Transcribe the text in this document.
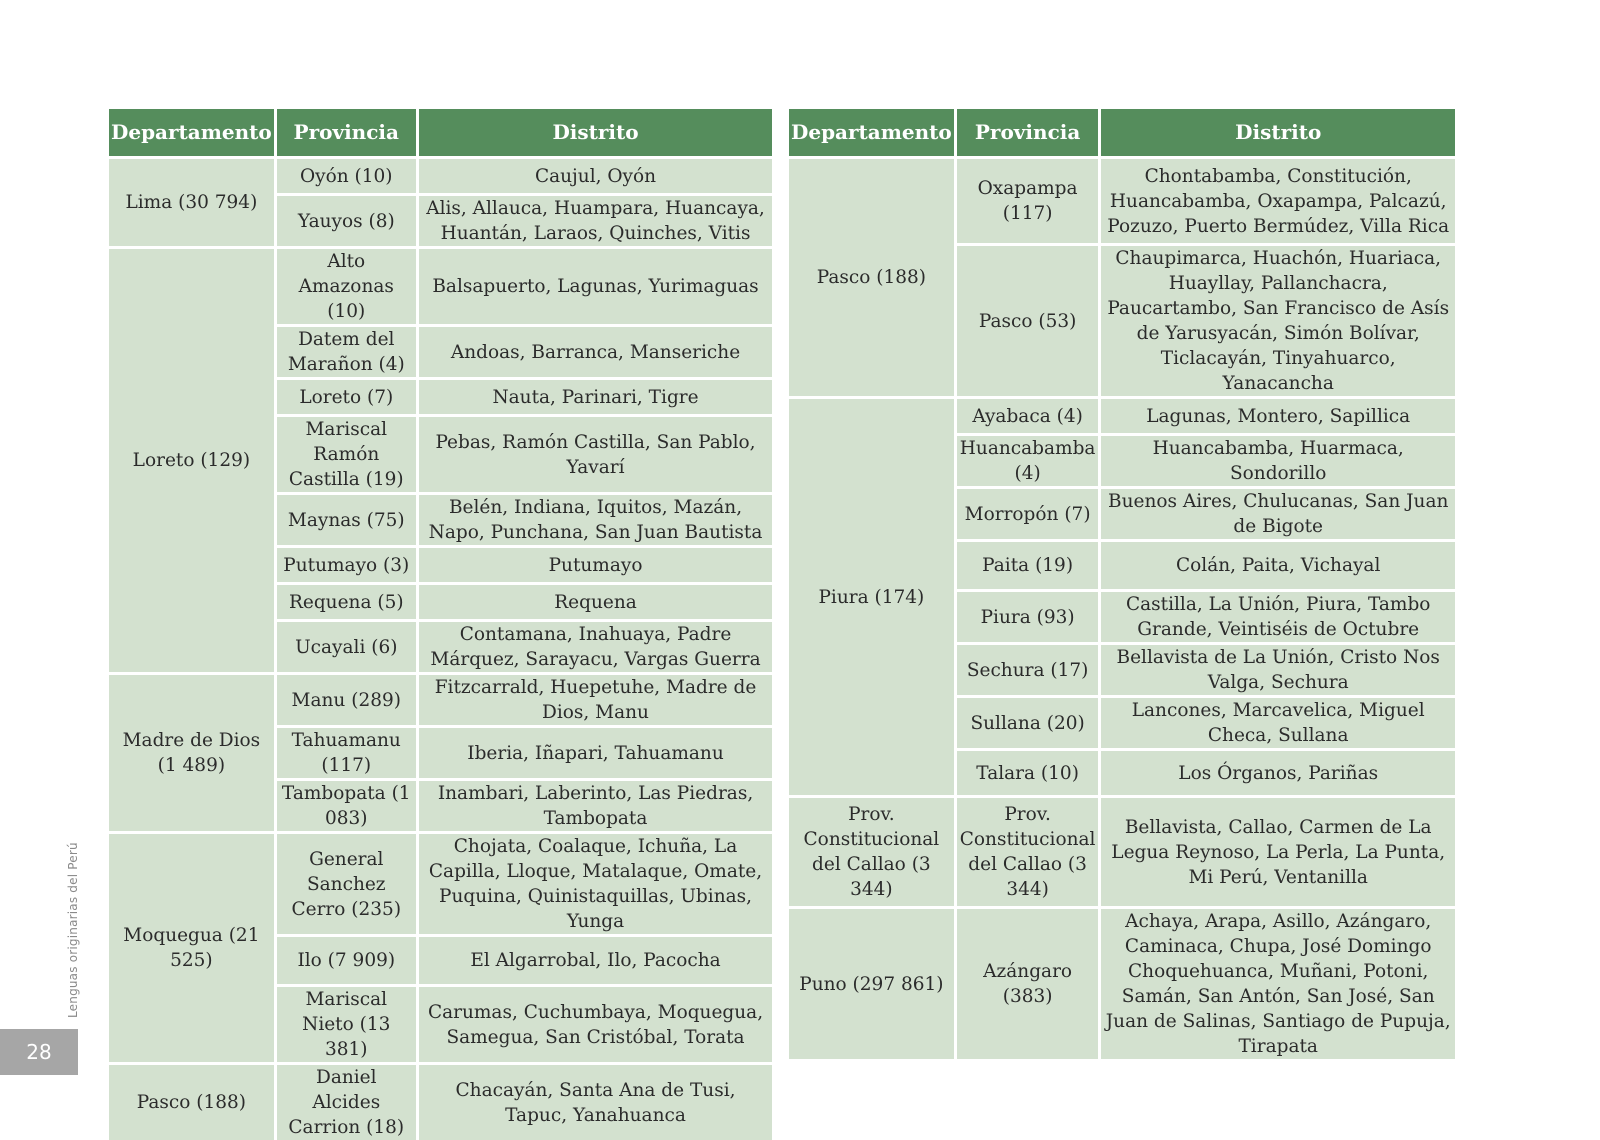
Departamento	Provincia	Distrito
Lima (30 794)	Oyón (10)	Caujul, Oyón
	Yauyos (8)	Alis, Allauca, Huampara, Huancaya, Huantán, Laraos, Quinches, Vitis
Loreto (129)	Alto Amazonas (10)	Balsapuerto, Lagunas, Yurimaguas
	Datem del Marañon (4)	Andoas, Barranca, Manseriche
	Loreto (7)	Nauta, Parinari, Tigre
	Mariscal Ramón Castilla (19)	Pebas, Ramón Castilla, San Pablo, Yavarí
	Maynas (75)	Belén, Indiana, Iquitos, Mazán, Napo, Punchana, San Juan Bautista
	Putumayo (3)	Putumayo
	Requena (5)	Requena
	Ucayali (6)	Contamana, Inahuaya, Padre Márquez, Sarayacu, Vargas Guerra
Madre de Dios (1 489)	Manu (289)	Fitzcarrald, Huepetuhe, Madre de Dios, Manu
	Tahuamanu (117)	Iberia, Iñapari, Tahuamanu
	Tambopata (1 083)	Inambari, Laberinto, Las Piedras, Tambopata
Moquegua (21 525)	General Sanchez Cerro (235)	Chojata, Coalaque, Ichuña, La Capilla, Lloque, Matalaque, Omate, Puquina, Quinistaquillas, Ubinas, Yunga
	Ilo (7 909)	El Algarrobal, Ilo, Pacocha
	Mariscal Nieto (13 381)	Carumas, Cuchumbaya, Moquegua, Samegua, San Cristóbal, Torata
Pasco (188)	Daniel Alcides Carrion (18)	Chacayán, Santa Ana de Tusi, Tapuc, Yanahuanca
Departamento	Provincia	Distrito
Pasco (188)	Oxapampa (117)	Chontabamba, Constitución, Huancabamba, Oxapampa, Palcazú, Pozuzo, Puerto Bermúdez, Villa Rica
	Pasco (53)	Chaupimarca, Huachón, Huariaca, Huayllay, Pallanchacra, Paucartambo, San Francisco de Asís de Yarusyacán, Simón Bolívar, Ticlacayán, Tinyahuarco, Yanacancha
Piura (174)	Ayabaca (4)	Lagunas, Montero, Sapillica
	Huancabamba (4)	Huancabamba, Huarmaca, Sondorillo
	Morropón (7)	Buenos Aires, Chulucanas, San Juan de Bigote
	Paita (19)	Colán, Paita, Vichayal
	Piura (93)	Castilla, La Unión, Piura, Tambo Grande, Veintiséis de Octubre
	Sechura (17)	Bellavista de La Unión, Cristo Nos Valga, Sechura
	Sullana (20)	Lancones, Marcavelica, Miguel Checa, Sullana
	Talara (10)	Los Órganos, Pariñas
Prov. Constitucional del Callao (3 344)	Prov. Constitucional del Callao (3 344)	Bellavista, Callao, Carmen de La Legua Reynoso, La Perla, La Punta, Mi Perú, Ventanilla
Puno (297 861)	Azángaro (383)	Achaya, Arapa, Asillo, Azángaro, Caminaca, Chupa, José Domingo Choquehuanca, Muñani, Potoni, Samán, San Antón, San José, San Juan de Salinas, Santiago de Pupuja, Tirapata
Lenguas originarias del Perú
28
